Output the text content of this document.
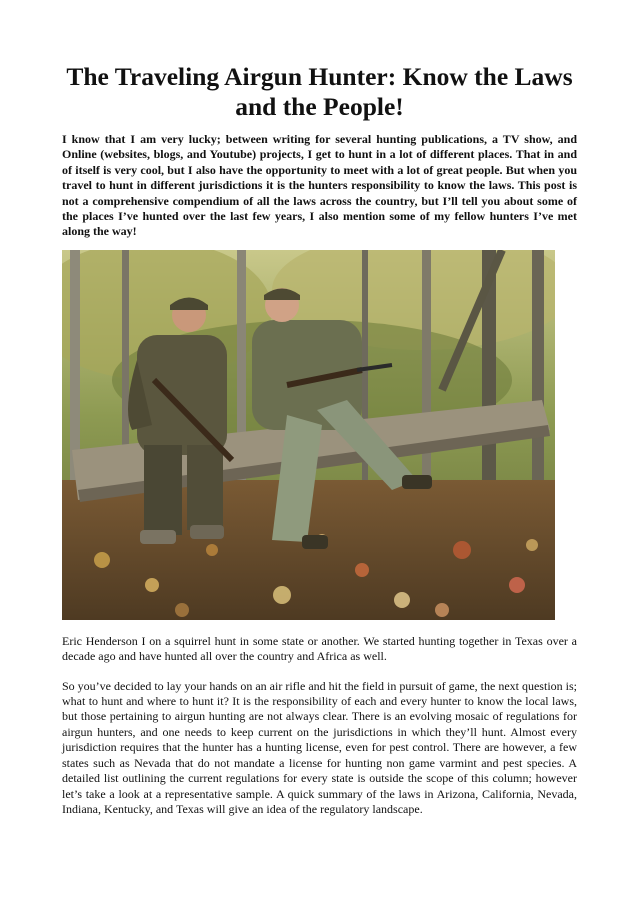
The Traveling Airgun Hunter: Know the Laws and the People!

I know that I am very lucky; between writing for several hunting publications, a TV show, and Online (websites, blogs, and Youtube) projects, I get to hunt in a lot of different places. That in and of itself is very cool, but I also have the opportunity to meet with a lot of great people. But when you travel to hunt in different jurisdictions it is the hunters responsibility to know the laws. This post is not a comprehensive compendium of all the laws across the country, but I’ll tell you about some of the places I’ve hunted over the last few years, I also mention some of my fellow hunters I’ve met along the way!

Eric Henderson I on a squirrel hunt in some state or another. We started hunting together in Texas over a decade ago and have hunted all over the country and Africa as well.

So you’ve decided to lay your hands on an air rifle and hit the field in pursuit of game, the next question is; what to hunt and where to hunt it? It is the responsibility of each and every hunter to know the local laws, but those pertaining to airgun hunting are not always clear. There is an evolving mosaic of regulations for airgun hunters, and one needs to keep current on the jurisdictions in which they’ll hunt. Almost every jurisdiction requires that the hunter has a hunting license, even for pest control. There are however, a few states such as Nevada that do not mandate a license for hunting non game varmint and pest species. A detailed list outlining the current regulations for every state is outside the scope of this column; however let’s take a look at a representative sample. A quick summary of the laws in Arizona, California, Nevada, Indiana, Kentucky, and Texas will give an idea of the regulatory landscape.
